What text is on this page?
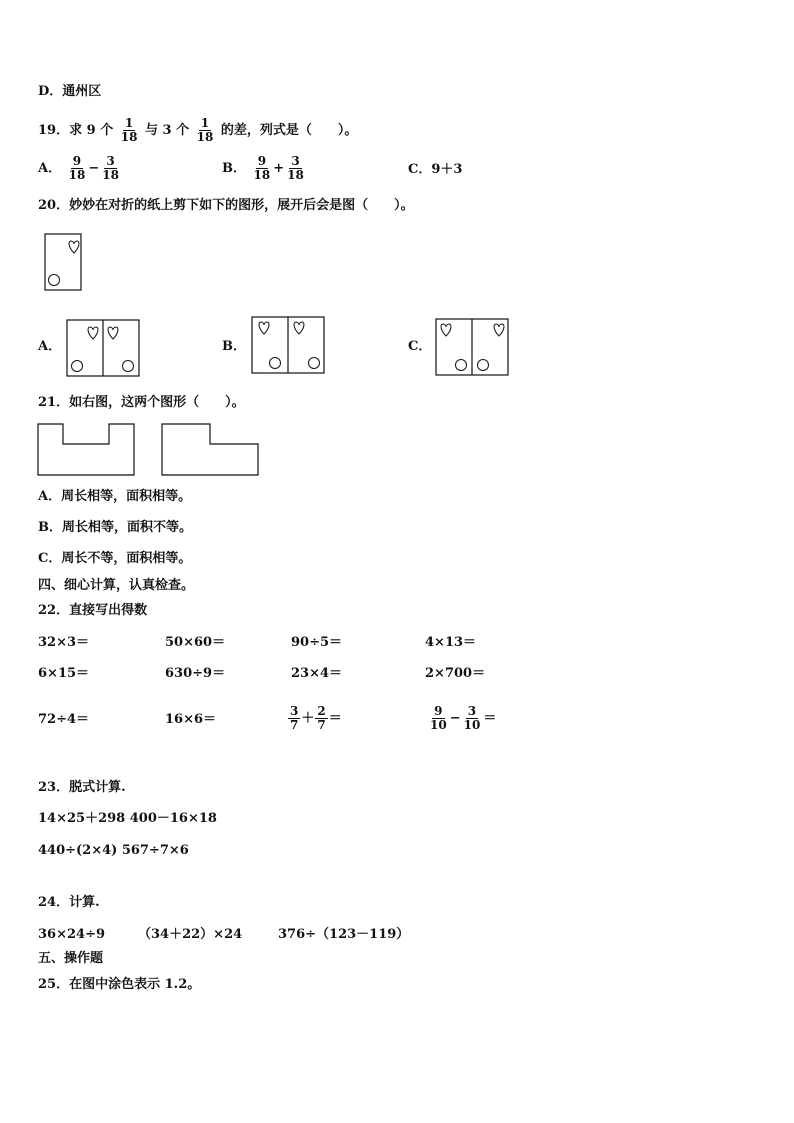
D．通州区
19．求 9 个 $\frac{1}{18}$ 与 3 个 $\frac{1}{18}$ 的差，列式是（　　）。
A． $\frac{9}{18} - \frac{3}{18}$	B． $\frac{9}{18} + \frac{3}{18}$	C．9＋3
20．妙妙在对折的纸上剪下如下的图形，展开后会是图（　　）。
A．	B．	C．
21．如右图，这两个图形（　　）。
A．周长相等，面积相等。
B．周长相等，面积不等。
C．周长不等，面积相等。
四、细心计算，认真检查。
22．直接写出得数
32×3＝	50×60＝	90÷5＝	4×13＝
6×15＝	630÷9＝	23×4＝	2×700＝
72÷4＝	16×6＝	$\frac{3}{7} + \frac{2}{7}$ ＝	$\frac{9}{10} - \frac{3}{10}$ ＝
23．脱式计算.
14×25＋298 400－16×18
440÷(2×4) 567÷7×6
24．计算.
36×24÷9	（34＋22）×24	376÷（123－119）
五、操作题
25．在图中涂色表示 1.2。
